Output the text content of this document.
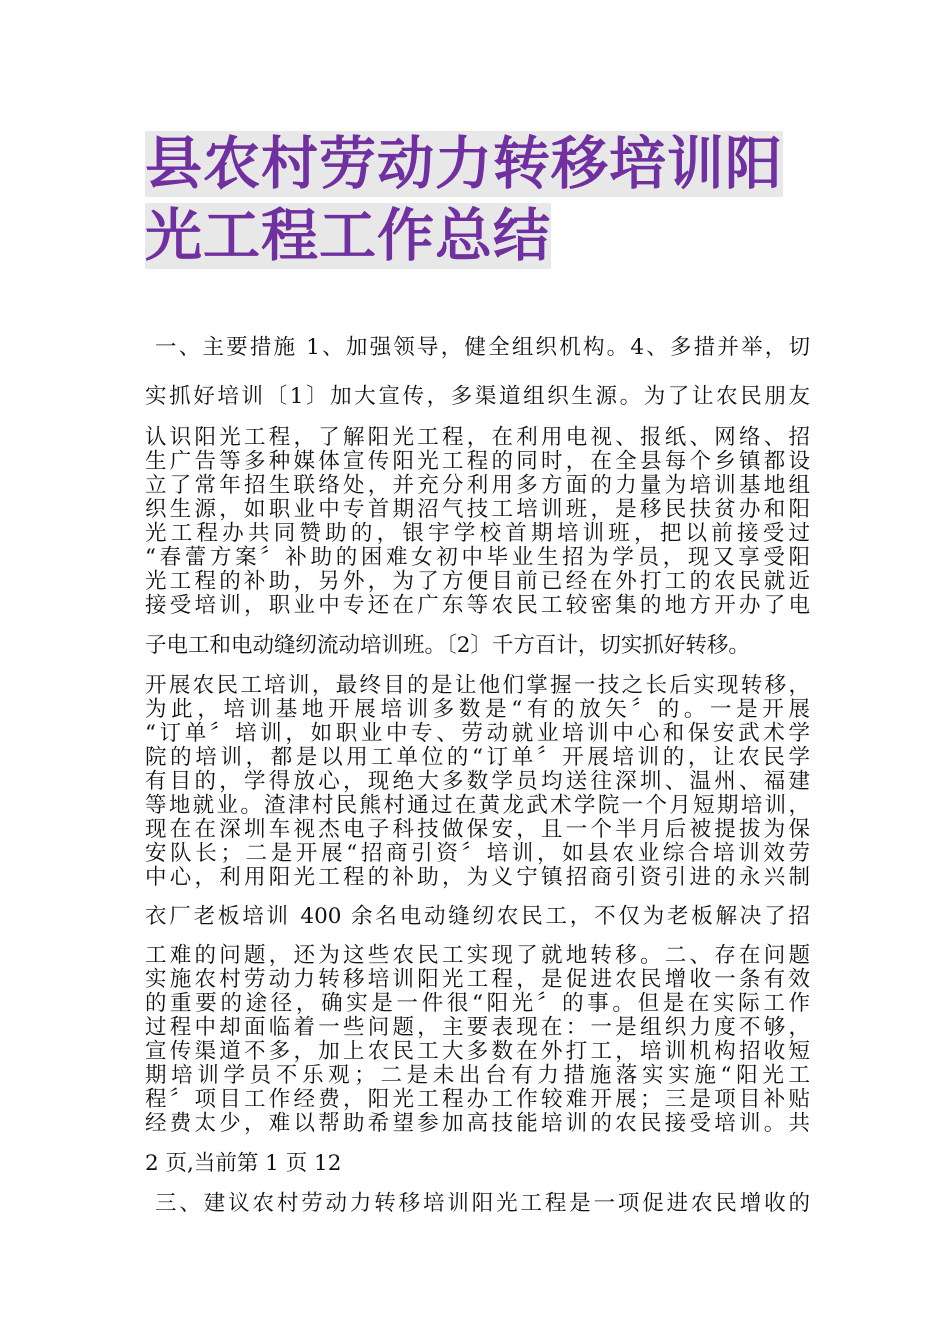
县农村劳动力转移培训阳
光工程工作总结
一、主要措施 1、加强领导，健全组织机构。4、多措并举，切
实抓好培训〔1〕加大宣传，多渠道组织生源。为了让农民朋友
认识阳光工程，了解阳光工程，在利用电视、报纸、网络、招
生广告等多种媒体宣传阳光工程的同时，在全县每个乡镇都设
立了常年招生联络处，并充分利用多方面的力量为培训基地组
织生源，如职业中专首期沼气技工培训班，是移民扶贫办和阳
光工程办共同赞助的，银宇学校首期培训班，把以前接受过
“春蕾方案〞补助的困难女初中毕业生招为学员，现又享受阳
光工程的补助，另外，为了方便目前已经在外打工的农民就近
接受培训，职业中专还在广东等农民工较密集的地方开办了电
子电工和电动缝纫流动培训班。〔2〕千方百计，切实抓好转移。
开展农民工培训，最终目的是让他们掌握一技之长后实现转移，
为此，培训基地开展培训多数是“有的放矢〞的。一是开展
“订单〞培训，如职业中专、劳动就业培训中心和保安武术学
院的培训，都是以用工单位的“订单〞开展培训的，让农民学
有目的，学得放心，现绝大多数学员均送往深圳、温州、福建
等地就业。渣津村民熊村通过在黄龙武术学院一个月短期培训，
现在在深圳车视杰电子科技做保安，且一个半月后被提拔为保
安队长；二是开展“招商引资〞培训，如县农业综合培训效劳
中心，利用阳光工程的补助，为义宁镇招商引资引进的永兴制
衣厂老板培训 400 余名电动缝纫农民工，不仅为老板解决了招
工难的问题，还为这些农民工实现了就地转移。二、存在问题
实施农村劳动力转移培训阳光工程，是促进农民增收一条有效
的重要的途径，确实是一件很“阳光〞的事。但是在实际工作
过程中却面临着一些问题，主要表现在：一是组织力度不够，
宣传渠道不多，加上农民工大多数在外打工，培训机构招收短
期培训学员不乐观；二是未出台有力措施落实实施“阳光工
程〞项目工作经费，阳光工程办工作较难开展；三是项目补贴
经费太少，难以帮助希望参加高技能培训的农民接受培训。共
2 页,当前第 1 页 12
三、建议农村劳动力转移培训阳光工程是一项促进农民增收的
